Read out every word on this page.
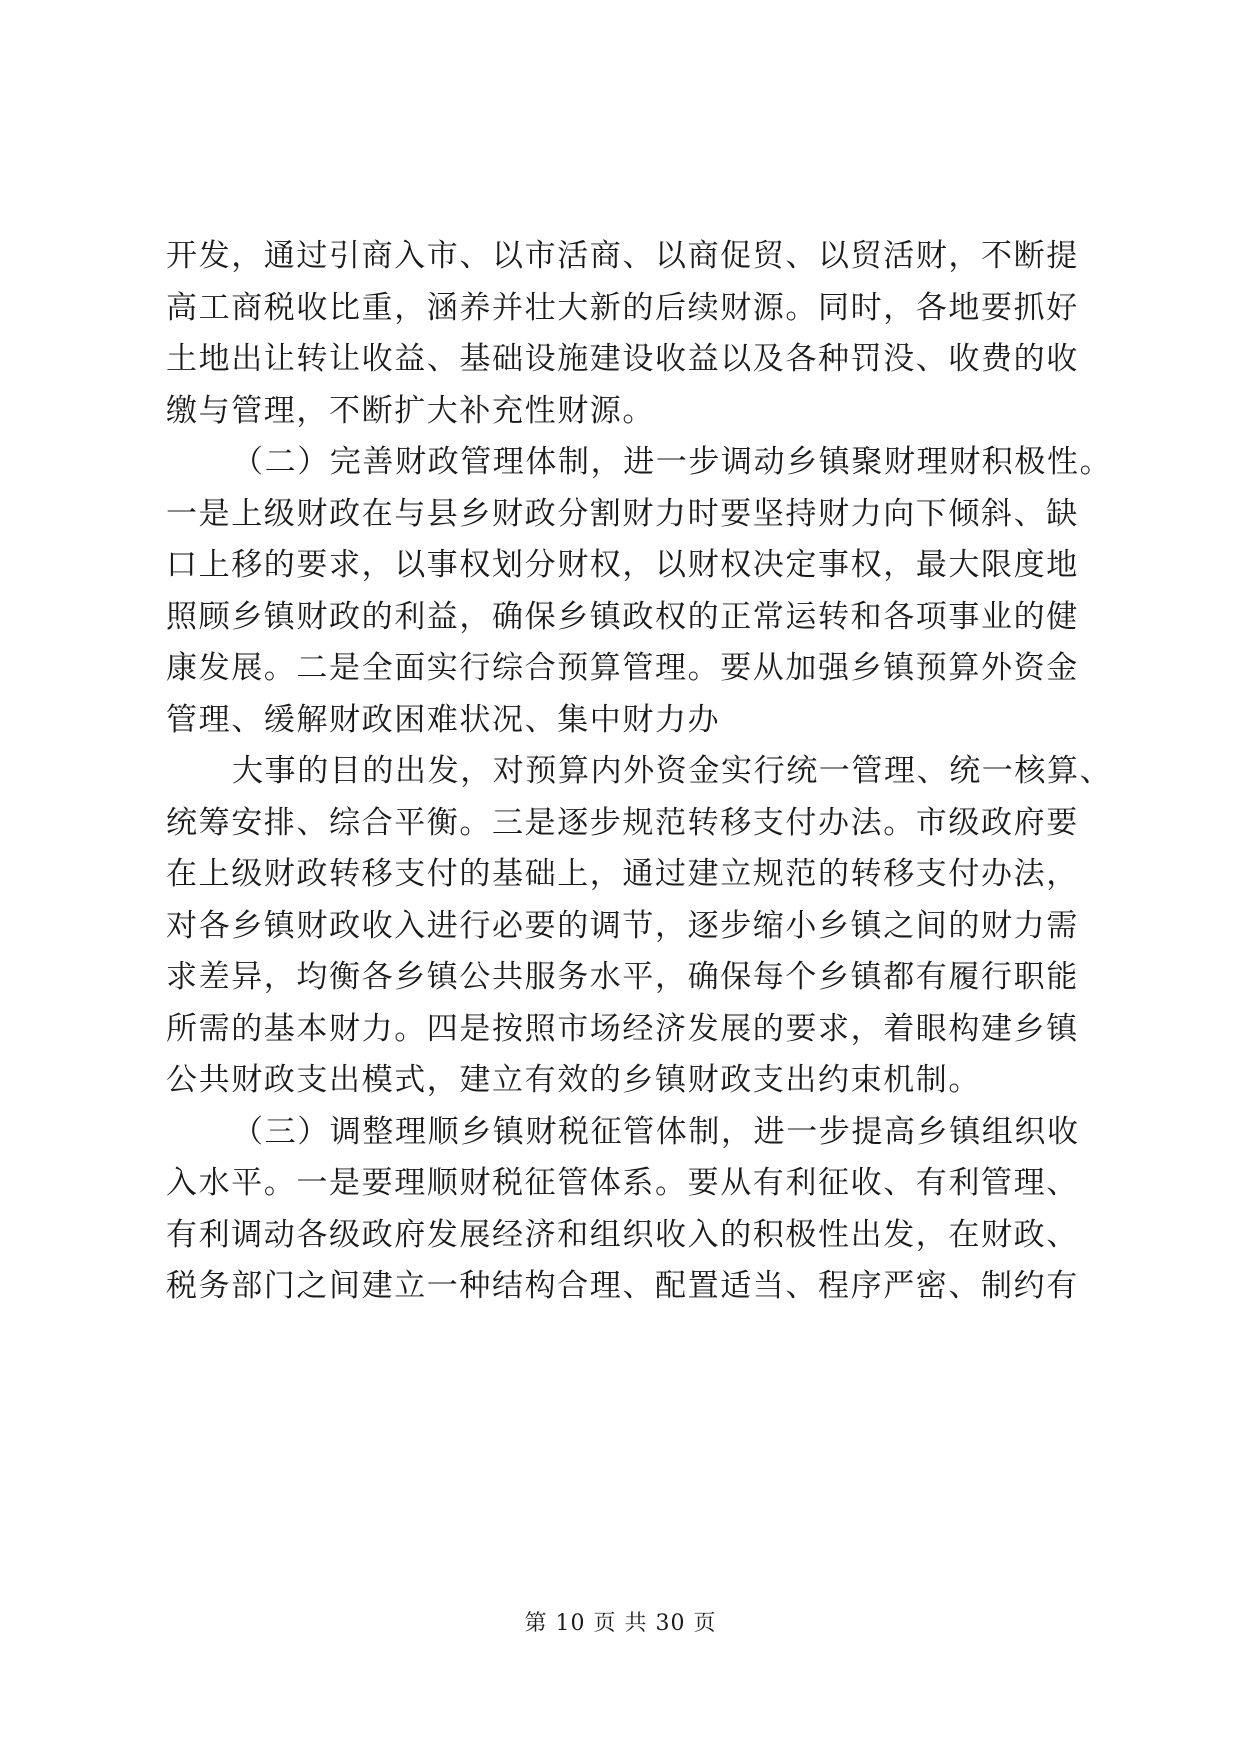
开发，通过引商入市、以市活商、以商促贸、以贸活财，不断提
高工商税收比重，涵养并壮大新的后续财源。同时，各地要抓好
土地出让转让收益、基础设施建设收益以及各种罚没、收费的收
缴与管理，不断扩大补充性财源。
（二）完善财政管理体制，进一步调动乡镇聚财理财积极性。
一是上级财政在与县乡财政分割财力时要坚持财力向下倾斜、缺
口上移的要求，以事权划分财权，以财权决定事权，最大限度地
照顾乡镇财政的利益，确保乡镇政权的正常运转和各项事业的健
康发展。二是全面实行综合预算管理。要从加强乡镇预算外资金
管理、缓解财政困难状况、集中财力办
大事的目的出发，对预算内外资金实行统一管理、统一核算、
统筹安排、综合平衡。三是逐步规范转移支付办法。市级政府要
在上级财政转移支付的基础上，通过建立规范的转移支付办法，
对各乡镇财政收入进行必要的调节，逐步缩小乡镇之间的财力需
求差异，均衡各乡镇公共服务水平，确保每个乡镇都有履行职能
所需的基本财力。四是按照市场经济发展的要求，着眼构建乡镇
公共财政支出模式，建立有效的乡镇财政支出约束机制。
（三）调整理顺乡镇财税征管体制，进一步提高乡镇组织收
入水平。一是要理顺财税征管体系。要从有利征收、有利管理、
有利调动各级政府发展经济和组织收入的积极性出发，在财政、
税务部门之间建立一种结构合理、配置适当、程序严密、制约有
第 10 页 共 30 页
